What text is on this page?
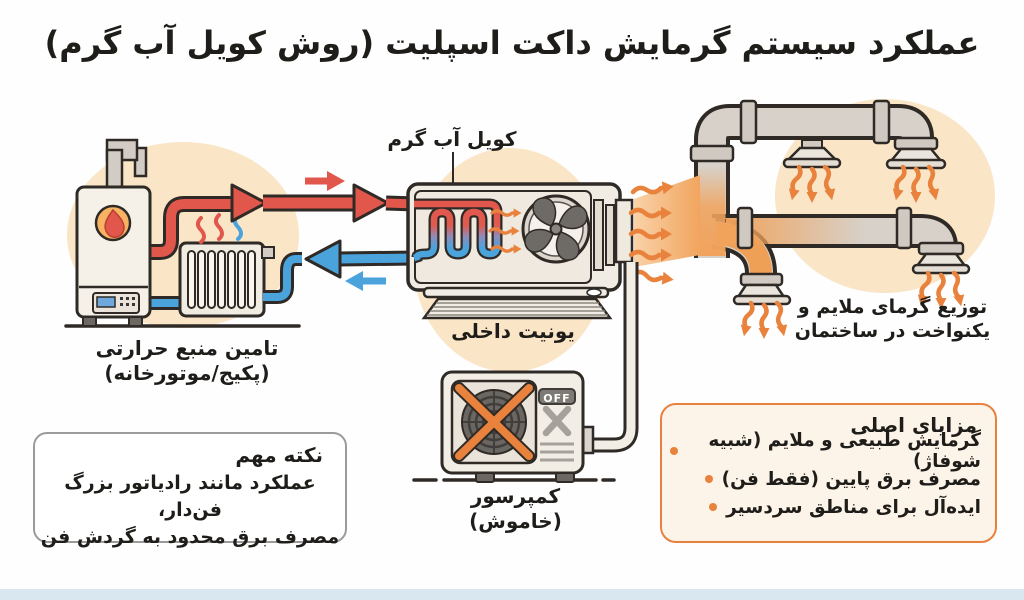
عملکرد سیستم گرمایش داکت اسپلیت (روش کویل آب گرم)
کویل آب گرم
تامین منبع حرارتی
(پکیج/موتورخانه)
یونیت داخلی
OFF
کمپرسور
(خاموش)
توزیع گرمای ملایم و
یکنواخت در ساختمان
نکته مهم
عملکرد مانند رادیاتور بزرگ فن‌دار،
مصرف برق محدود به گردش فن
مزایای اصلی
گرمایش طبیعی و ملایم (شبیه شوفاژ)
مصرف برق پایین (فقط فن)
ایده‌آل برای مناطق سردسیر
